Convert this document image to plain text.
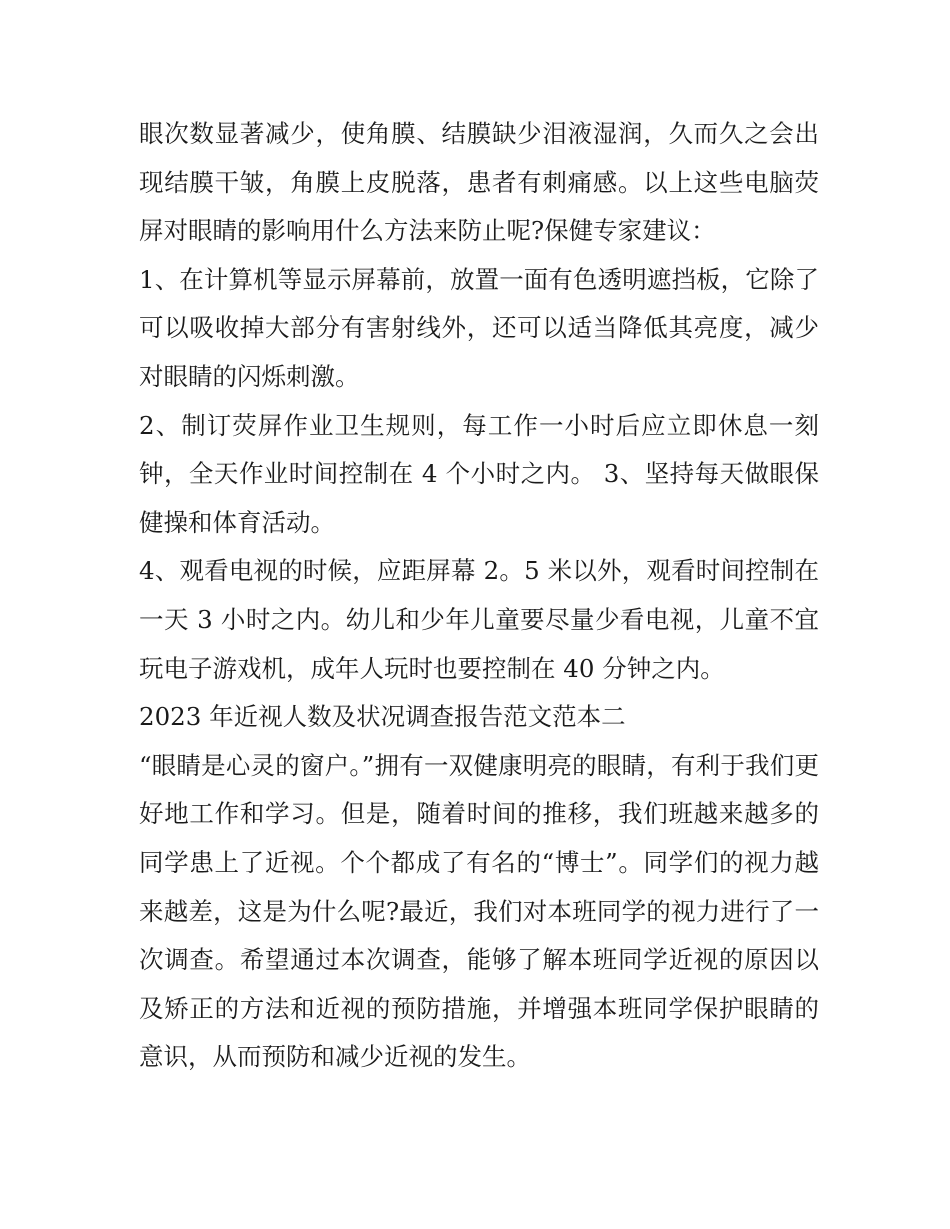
眼次数显著减少，使角膜、结膜缺少泪液湿润，久而久之会出现结膜干皱，角膜上皮脱落，患者有刺痛感。以上这些电脑荧屏对眼睛的影响用什么方法来防止呢?保健专家建议：

1、在计算机等显示屏幕前，放置一面有色透明遮挡板，它除了可以吸收掉大部分有害射线外，还可以适当降低其亮度，减少对眼睛的闪烁刺激。

2、制订荧屏作业卫生规则，每工作一小时后应立即休息一刻钟，全天作业时间控制在 4 个小时之内。 3、坚持每天做眼保健操和体育活动。

4、观看电视的时候，应距屏幕 2。5 米以外，观看时间控制在一天 3 小时之内。幼儿和少年儿童要尽量少看电视，儿童不宜玩电子游戏机，成年人玩时也要控制在 40 分钟之内。

2023 年近视人数及状况调查报告范文范本二

“眼睛是心灵的窗户。”拥有一双健康明亮的眼睛，有利于我们更好地工作和学习。但是，随着时间的推移，我们班越来越多的同学患上了近视。个个都成了有名的“博士”。同学们的视力越来越差，这是为什么呢?最近，我们对本班同学的视力进行了一次调查。希望通过本次调查，能够了解本班同学近视的原因以及矫正的方法和近视的预防措施，并增强本班同学保护眼睛的意识，从而预防和减少近视的发生。
